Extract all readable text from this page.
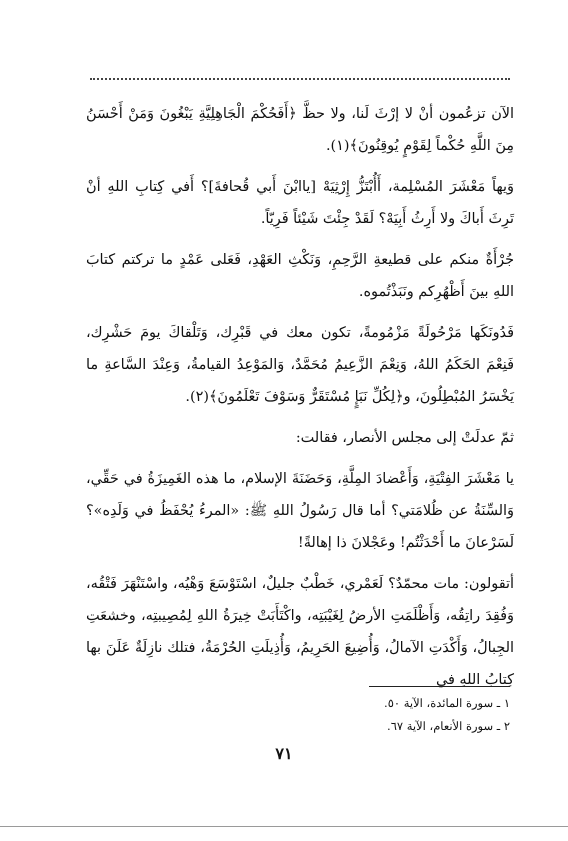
الآن تزعُمون أنْ لا إرْثَ لَنا، ولا حظَّ ﴿أَفَحُكْمَ الْجَاهِلِيَّةِ يَبْغُونَ وَمَنْ أَحْسَنُ مِنَ اللَّهِ حُكْماً لِقَوْمٍ يُوقِنُونَ﴾(١).

وَيهاً مَعْشَرَ المُسْلِمة، أَأُبْتَزُّ إِرْثِيَهْ [ياابْنَ أَبي قُحافةَ]؟ أَفي كِتابِ اللهِ أنْ تَرِثَ أَباكَ ولا أَرِثُ أَبِيَهْ؟ لَقَدْ جِئْتَ شَيْئاً فَرِيّاً.

جُرْأَةٌ منكم على قطيعةِ الرَّحِمِ، وَنَكْثِ العَهْدِ، فَعَلى عَمْدٍ ما تركتم كتابَ اللهِ بينَ أَظْهُرِكم ونَبَذْتُموه.

فَدُونَكَها مَرْحُولَةً مَزْمُومةً، تكون معك في قَبْرِك، وَتَلْقاكَ يومَ حَشْرِك، فَنِعْمَ الحَكَمُ اللهُ، وَنِعْمَ الزَّعِيمُ مُحَمَّدٌ، وَالمَوْعِدُ القيامةُ، وَعِنْدَ السَّاعةِ ما يَخْسَرُ المُبْطِلُونَ، و﴿لِكُلِّ نَبَإٍ مُسْتَقَرٌّ وَسَوْفَ تَعْلَمُونَ﴾(٢).

ثمّ عدلَتْ إلى مجلس الأنصار، فقالت:

يا مَعْشَرَ الفِتْيَةِ، وَأَعْضادَ المِلَّةِ، وَحَضَنَةَ الإسلام، ما هذه الغَمِيزَةُ في حَقِّي، وَالسِّنَةُ عن ظُلامَتي؟ أما قال رَسُولُ اللهِ ﷺ: «المرءُ يُحْفَظُ في وَلَدِه»؟ لَسَرْعانَ ما أَحْدَثْتُم! وعَجْلانَ ذا إهالةً!

أتقولون: مات محمّدٌ؟ لَعَمْري، خَطْبٌ جليلٌ، اسْتَوْسَعَ وَهْيُه، واسْتَنْهَرَ فَتْقُه، وَفُقِدَ راتِقُه، وَأَظْلَمَتِ الأرضُ لِغَيْبَتِه، واكْتَأَبَتْ خِيرَةُ اللهِ لِمُصِيبتِه، وخشعَتِ الجِبالُ، وَأَكْدَتِ الآمالُ، وَأُضِيعَ الحَرِيمُ، وَأُذِيلَتِ الحُرْمَةُ، فتلك نازِلَةٌ عَلَنَ بها كِتابُ اللهِ في

١ ـ سورة المائدة، الآية ٥٠.
٢ ـ سورة الأنعام، الآية ٦٧.
٧١
